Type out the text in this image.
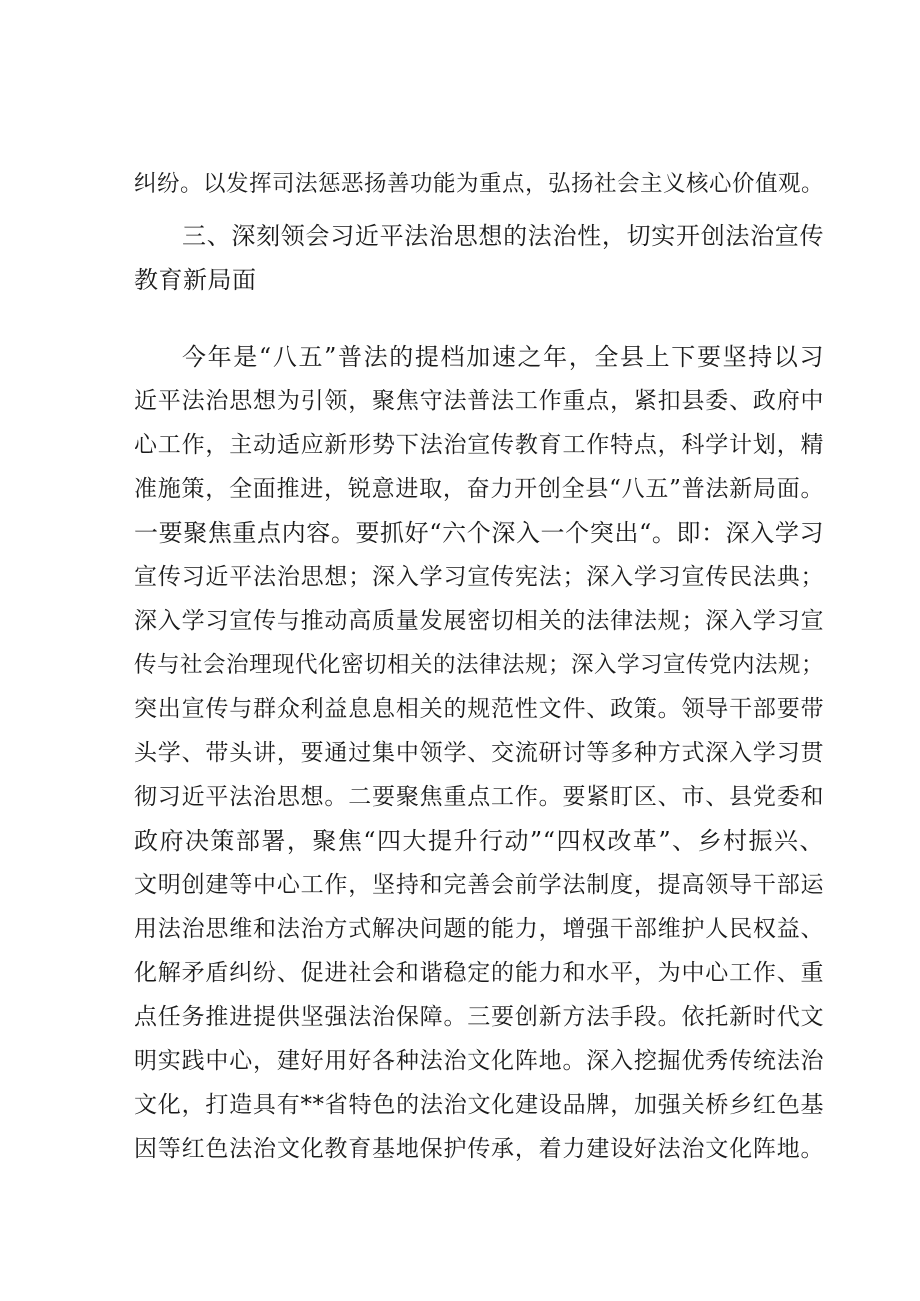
纠纷。以发挥司法惩恶扬善功能为重点，弘扬社会主义核心价值观。
三、深刻领会习近平法治思想的法治性，切实开创法治宣传
教育新局面
今年是“八五”普法的提档加速之年，全县上下要坚持以习
近平法治思想为引领，聚焦守法普法工作重点，紧扣县委、政府中
心工作，主动适应新形势下法治宣传教育工作特点，科学计划，精
准施策，全面推进，锐意进取，奋力开创全县“八五”普法新局面。
一要聚焦重点内容。要抓好“六个深入一个突出“。即：深入学习
宣传习近平法治思想；深入学习宣传宪法；深入学习宣传民法典；
深入学习宣传与推动高质量发展密切相关的法律法规；深入学习宣
传与社会治理现代化密切相关的法律法规；深入学习宣传党内法规；
突出宣传与群众利益息息相关的规范性文件、政策。领导干部要带
头学、带头讲，要通过集中领学、交流研讨等多种方式深入学习贯
彻习近平法治思想。二要聚焦重点工作。要紧盯区、市、县党委和
政府决策部署，聚焦“四大提升行动”“四权改革”、乡村振兴、
文明创建等中心工作，坚持和完善会前学法制度，提高领导干部运
用法治思维和法治方式解决问题的能力，增强干部维护人民权益、
化解矛盾纠纷、促进社会和谐稳定的能力和水平，为中心工作、重
点任务推进提供坚强法治保障。三要创新方法手段。依托新时代文
明实践中心，建好用好各种法治文化阵地。深入挖掘优秀传统法治
文化，打造具有**省特色的法治文化建设品牌，加强关桥乡红色基
因等红色法治文化教育基地保护传承，着力建设好法治文化阵地。
